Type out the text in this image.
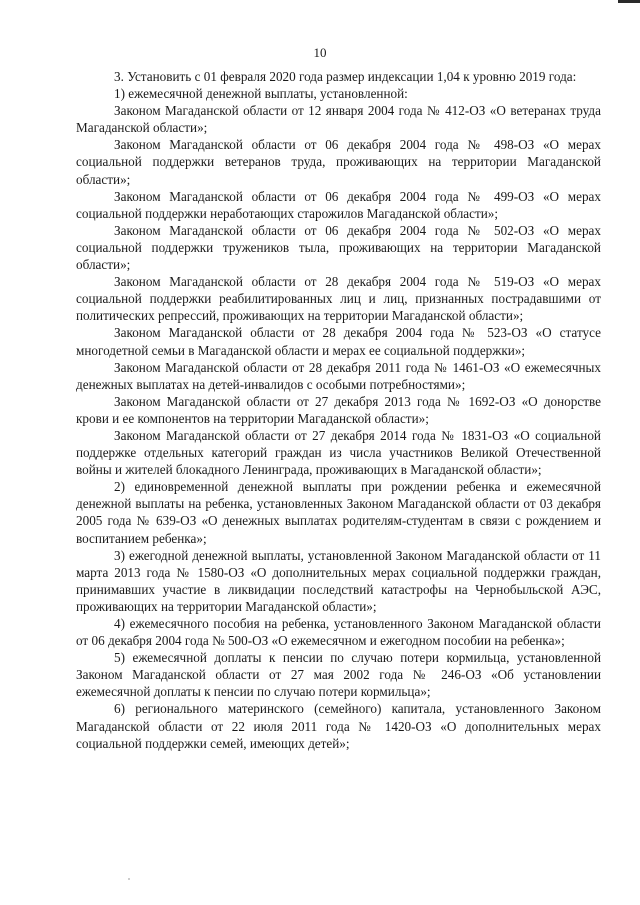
10

3. Установить с 01 февраля 2020 года размер индексации 1,04 к уровню 2019 года:

1) ежемесячной денежной выплаты, установленной:

Законом Магаданской области от 12 января 2004 года № 412-ОЗ «О ветеранах труда Магаданской области»;

Законом Магаданской области от 06 декабря 2004 года № 498-ОЗ «О мерах социальной поддержки ветеранов труда, проживающих на территории Магаданской области»;

Законом Магаданской области от 06 декабря 2004 года № 499-ОЗ «О мерах социальной поддержки неработающих старожилов Магаданской области»;

Законом Магаданской области от 06 декабря 2004 года № 502-ОЗ «О мерах социальной поддержки тружеников тыла, проживающих на территории Магаданской области»;

Законом Магаданской области от 28 декабря 2004 года № 519-ОЗ «О мерах социальной поддержки реабилитированных лиц и лиц, признанных пострадавшими от политических репрессий, проживающих на территории Магаданской области»;

Законом Магаданской области от 28 декабря 2004 года № 523-ОЗ «О статусе многодетной семьи в Магаданской области и мерах ее социальной поддержки»;

Законом Магаданской области от 28 декабря 2011 года № 1461-ОЗ «О ежемесячных денежных выплатах на детей-инвалидов с особыми потребностями»;

Законом Магаданской области от 27 декабря 2013 года № 1692-ОЗ «О донорстве крови и ее компонентов на территории Магаданской области»;

Законом Магаданской области от 27 декабря 2014 года № 1831-ОЗ «О социальной поддержке отдельных категорий граждан из числа участников Великой Отечественной войны и жителей блокадного Ленинграда, проживающих в Магаданской области»;

2) единовременной денежной выплаты при рождении ребенка и ежемесячной денежной выплаты на ребенка, установленных Законом Магаданской области от 03 декабря 2005 года № 639-ОЗ «О денежных выплатах родителям-студентам в связи с рождением и воспитанием ребенка»;

3) ежегодной денежной выплаты, установленной Законом Магаданской области от 11 марта 2013 года № 1580-ОЗ «О дополнительных мерах социальной поддержки граждан, принимавших участие в ликвидации последствий катастрофы на Чернобыльской АЭС, проживающих на территории Магаданской области»;

4) ежемесячного пособия на ребенка, установленного Законом Магаданской области от 06 декабря 2004 года № 500-ОЗ «О ежемесячном и ежегодном пособии на ребенка»;

5) ежемесячной доплаты к пенсии по случаю потери кормильца, установленной Законом Магаданской области от 27 мая 2002 года № 246-ОЗ «Об установлении ежемесячной доплаты к пенсии по случаю потери кормильца»;

6) регионального материнского (семейного) капитала, установленного Законом Магаданской области от 22 июля 2011 года № 1420-ОЗ «О дополнительных мерах социальной поддержки семей, имеющих детей»;
